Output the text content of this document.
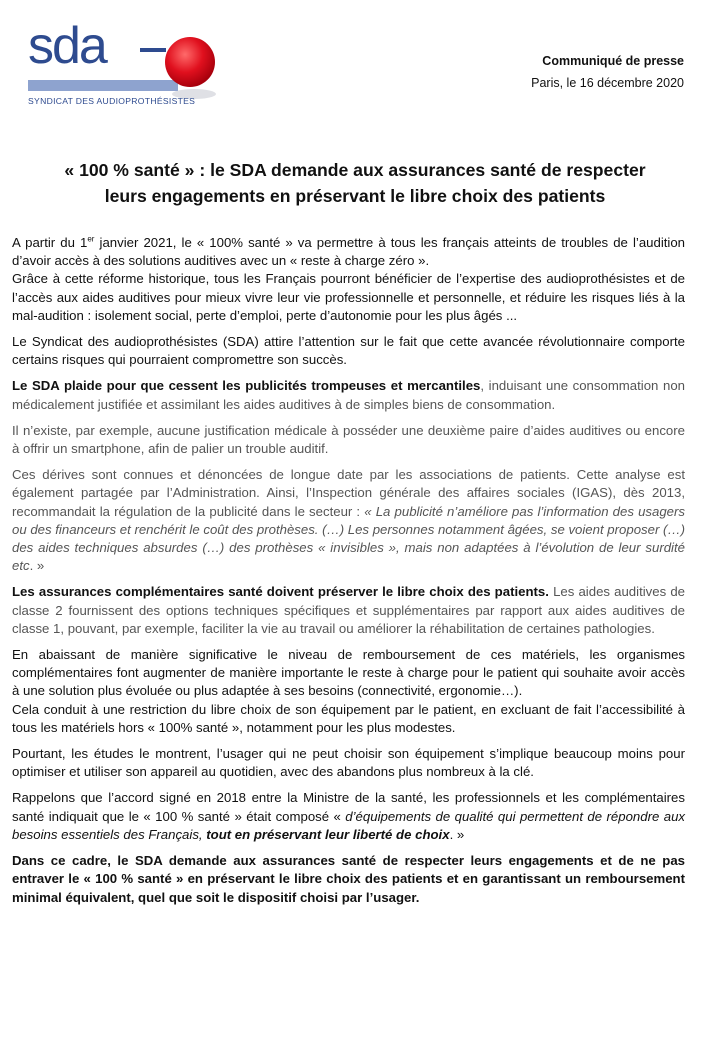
sda
SYNDICAT DES AUDIOPROTHÉSISTES
Communiqué de presse
Paris, le 16 décembre 2020
« 100 % santé » : le SDA demande aux assurances santé de respecter
leurs engagements en préservant le libre choix des patients

A partir du 1er janvier 2021, le « 100% santé » va permettre à tous les français atteints de troubles de l’audition d’avoir accès à des solutions auditives avec un « reste à charge zéro ».

Grâce à cette réforme historique, tous les Français pourront bénéficier de l’expertise des audioprothésistes et de l’accès aux aides auditives pour mieux vivre leur vie professionnelle et personnelle, et réduire les risques liés à la mal-audition : isolement social, perte d’emploi, perte d’autonomie pour les plus âgés ...

Le Syndicat des audioprothésistes (SDA) attire l’attention sur le fait que cette avancée révolutionnaire comporte certains risques qui pourraient compromettre son succès.

Le SDA plaide pour que cessent les publicités trompeuses et mercantiles, induisant une consommation non médicalement justifiée et assimilant les aides auditives à de simples biens de consommation.

Il n’existe, par exemple, aucune justification médicale à posséder une deuxième paire d’aides auditives ou encore à offrir un smartphone, afin de palier un trouble auditif.

Ces dérives sont connues et dénoncées de longue date par les associations de patients. Cette analyse est également partagée par l’Administration. Ainsi, l’Inspection générale des affaires sociales (IGAS), dès 2013, recommandait la régulation de la publicité dans le secteur : « La publicité n’améliore pas l’information des usagers ou des financeurs et renchérit le coût des prothèses. (…) Les personnes notamment âgées, se voient proposer (…) des aides techniques absurdes (…) des prothèses « invisibles », mais non adaptées à l’évolution de leur surdité etc. »

Les assurances complémentaires santé doivent préserver le libre choix des patients. Les aides auditives de classe 2 fournissent des options techniques spécifiques et supplémentaires par rapport aux aides auditives de classe 1, pouvant, par exemple, faciliter la vie au travail ou améliorer la réhabilitation de certaines pathologies.

En abaissant de manière significative le niveau de remboursement de ces matériels, les organismes complémentaires font augmenter de manière importante le reste à charge pour le patient qui souhaite avoir accès à une solution plus évoluée ou plus adaptée à ses besoins (connectivité, ergonomie…).

Cela conduit à une restriction du libre choix de son équipement par le patient, en excluant de fait l’accessibilité à tous les matériels hors « 100% santé », notamment pour les plus modestes.

Pourtant, les études le montrent, l’usager qui ne peut choisir son équipement s’implique beaucoup moins pour optimiser et utiliser son appareil au quotidien, avec des abandons plus nombreux à la clé.

Rappelons que l’accord signé en 2018 entre la Ministre de la santé, les professionnels et les complémentaires santé indiquait que le « 100 % santé » était composé « d’équipements de qualité qui permettent de répondre aux besoins essentiels des Français, tout en préservant leur liberté de choix. »

Dans ce cadre, le SDA demande aux assurances santé de respecter leurs engagements et de ne pas entraver le « 100 % santé » en préservant le libre choix des patients et en garantissant un remboursement minimal équivalent, quel que soit le dispositif choisi par l’usager.
